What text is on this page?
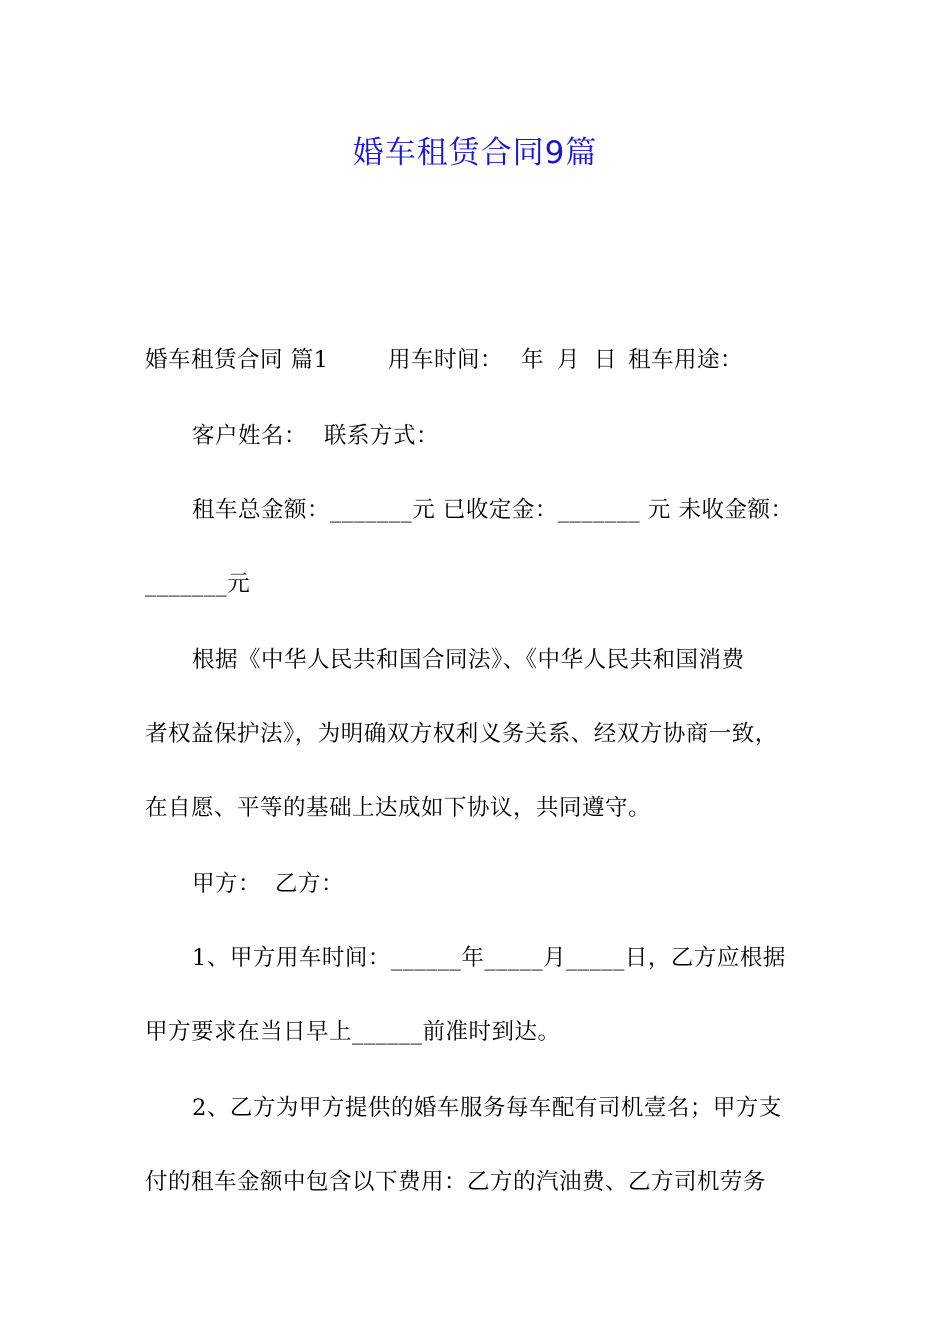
婚车租赁合同9篇
婚车租赁合同 篇1	用车时间： 年 月 日 租车用途：
客户姓名： 联系方式：
租车总金额：_______元 已收定金：_______ 元 未收金额：
_______元
根据《中华人民共和国合同法》、《中华人民共和国消费
者权益保护法》，为明确双方权利义务关系、经双方协商一致，
在自愿、平等的基础上达成如下协议，共同遵守。
甲方： 乙方：
1、甲方用车时间：______年_____月_____日，乙方应根据
甲方要求在当日早上______前准时到达。
2、乙方为甲方提供的婚车服务每车配有司机壹名；甲方支
付的租车金额中包含以下费用：乙方的汽油费、乙方司机劳务
